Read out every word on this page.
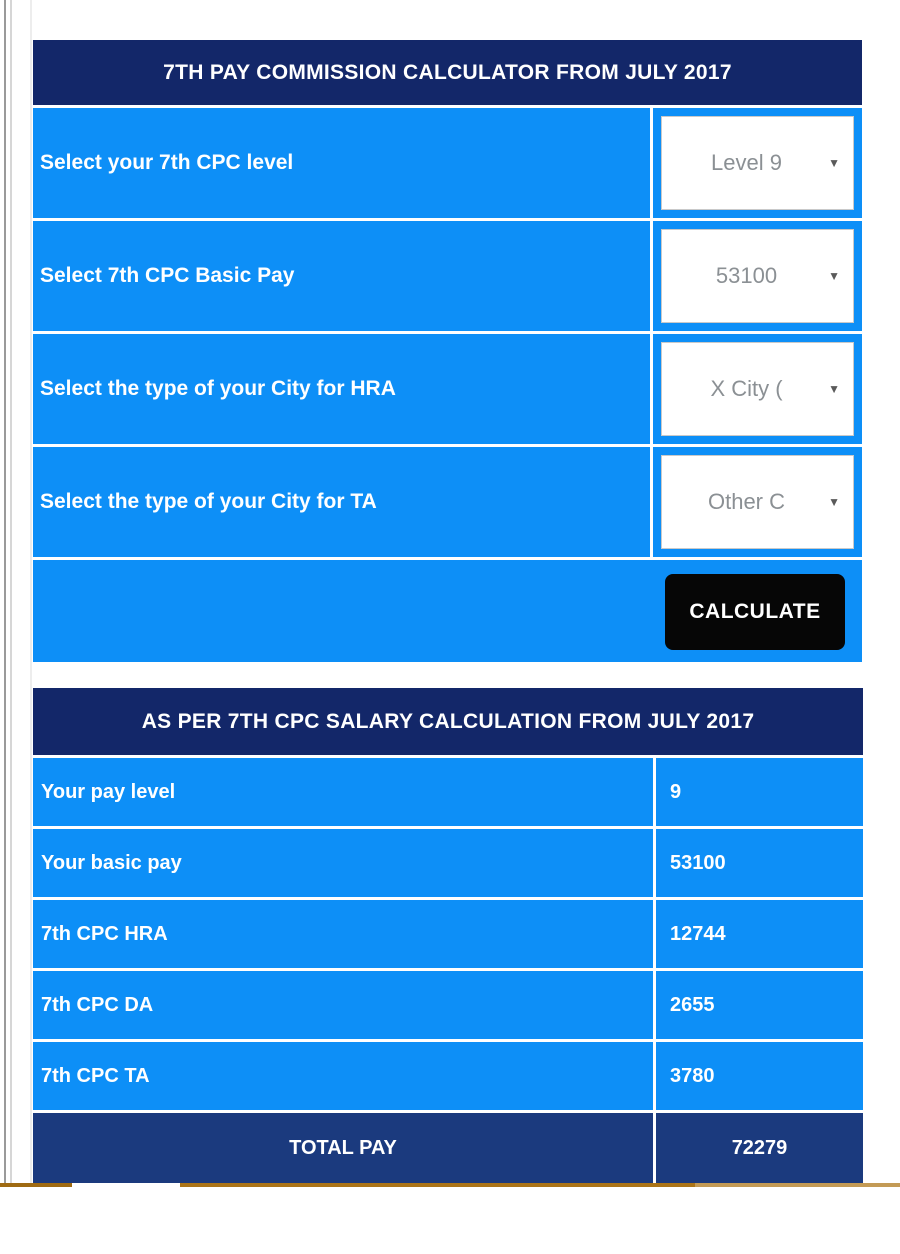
7TH PAY COMMISSION CALCULATOR FROM JULY 2017
Select your 7th CPC level	Level 9	▼
Select 7th CPC Basic Pay	53100	▼
Select the type of your City for HRA	X City (	▼
Select the type of your City for TA	Other C	▼
CALCULATE
AS PER 7TH CPC SALARY CALCULATION FROM JULY 2017
Your pay level	9
Your basic pay	53100
7th CPC HRA	12744
7th CPC DA	2655
7th CPC TA	3780
TOTAL PAY	72279
